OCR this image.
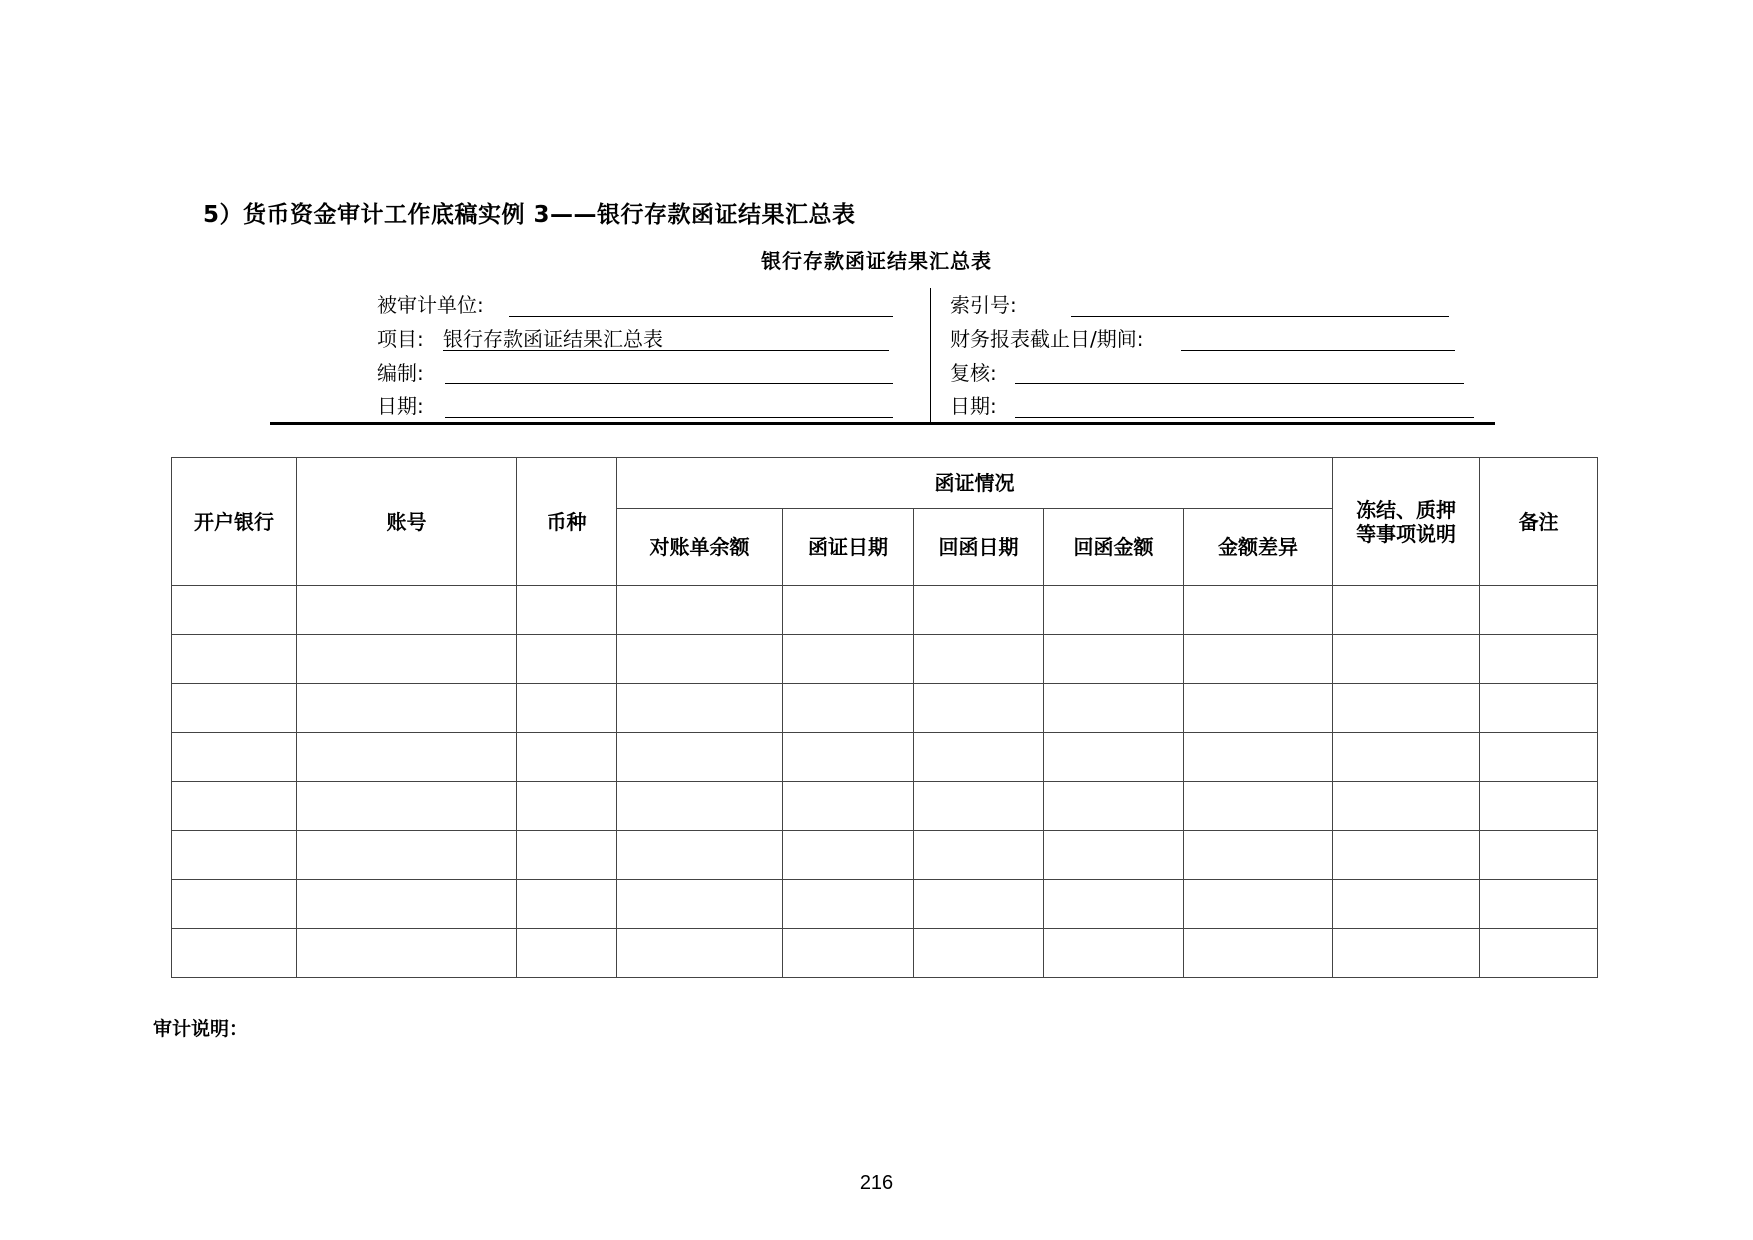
5）货币资金审计工作底稿实例 3——银行存款函证结果汇总表
银行存款函证结果汇总表
被审计单位:
项目: 银行存款函证结果汇总表
编制:
日期:
索引号:
财务报表截止日/期间:
复核:
日期:
开户银行	账号	币种	函证情况					冻结、质押等事项说明	备注
			对账单余额	函证日期	回函日期	回函金额	金额差异		

审计说明：
216
